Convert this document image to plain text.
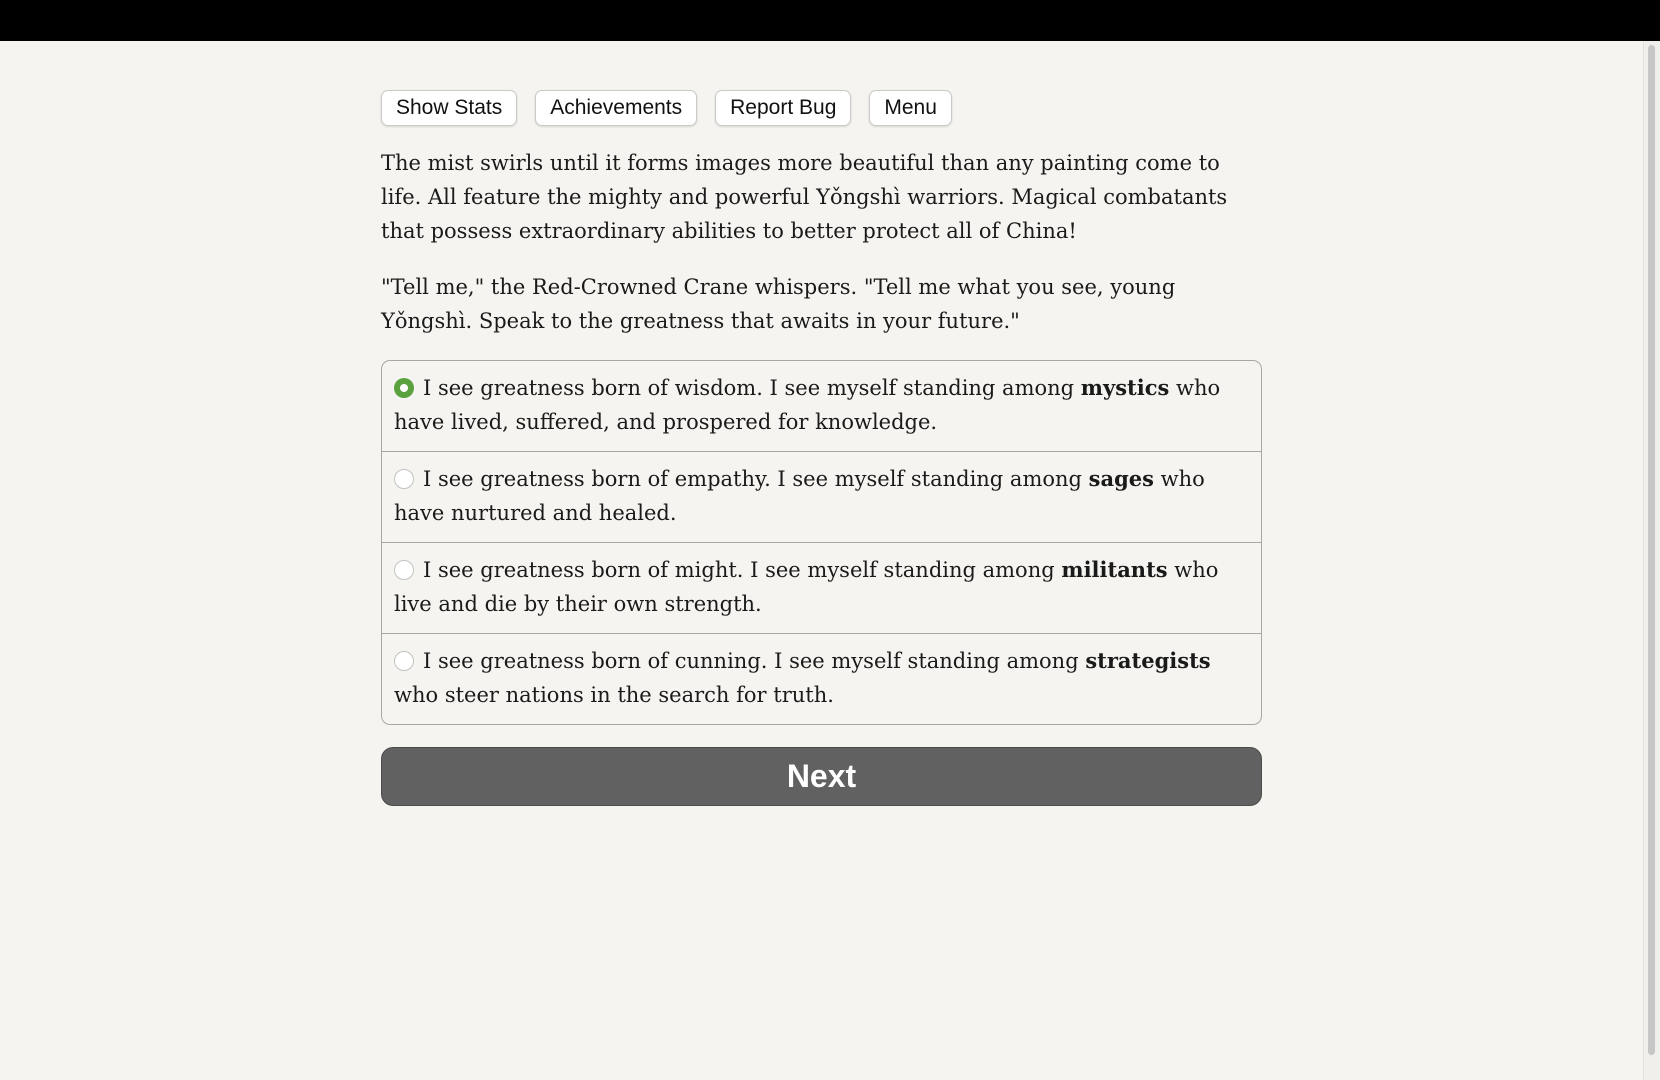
Show Stats	Achievements	Report Bug	Menu

The mist swirls until it forms images more beautiful than any painting come to life. All feature the mighty and powerful Yǒngshì warriors. Magical combatants that possess extraordinary abilities to better protect all of China!

"Tell me," the Red-Crowned Crane whispers. "Tell me what you see, young Yǒngshì. Speak to the greatness that awaits in your future."

I see greatness born of wisdom. I see myself standing among mystics who have lived, suffered, and prospered for knowledge.
I see greatness born of empathy. I see myself standing among sages who have nurtured and healed.
I see greatness born of might. I see myself standing among militants who live and die by their own strength.
I see greatness born of cunning. I see myself standing among strategists who steer nations in the search for truth.
Next
